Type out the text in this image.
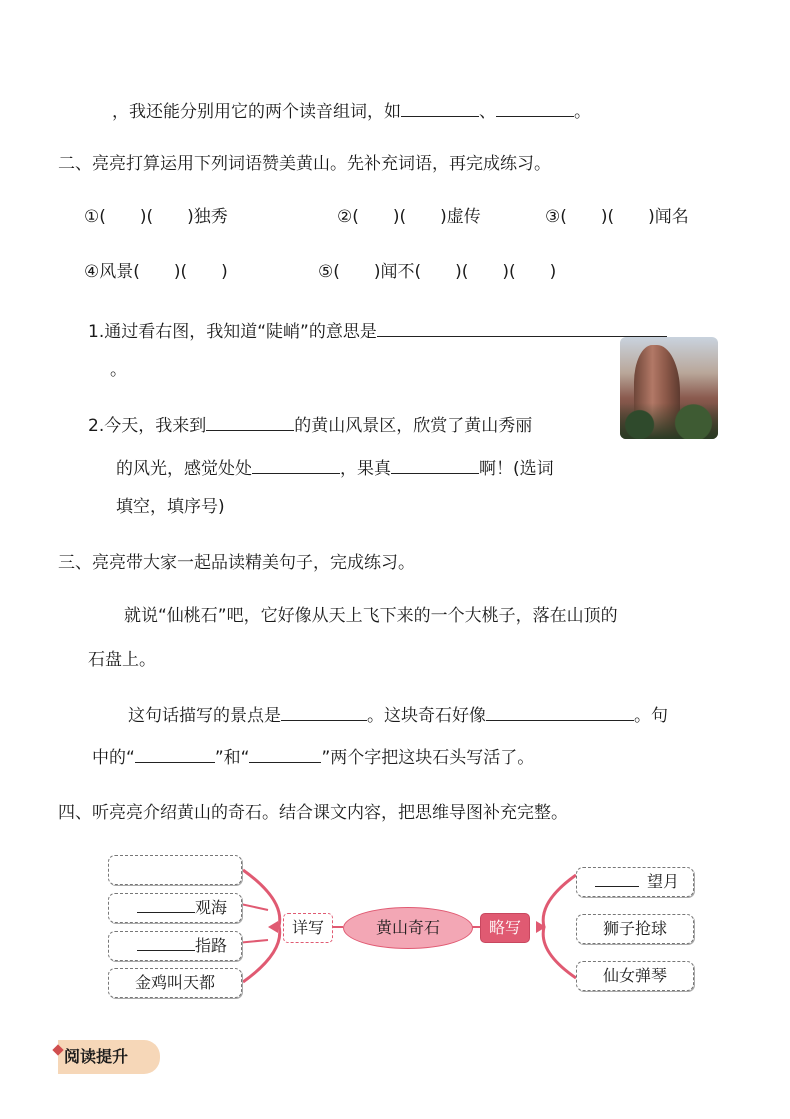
，我还能分别用它的两个读音组词，如	、	。
二、亮亮打算运用下列词语赞美黄山。先补充词语，再完成练习。
①(　　)(　　)独秀	②(　　)(　　)虚传	③(　　)(　　)闻名
④风景(　　)(　　)	⑤(　　)闻不(　　)(　　)(　　)
1.通过看右图，我知道“陡峭”的意思是
。
2.今天，我来到	的黄山风景区，欣赏了黄山秀丽
的风光，感觉处处	，果真	啊！(选词
填空，填序号)
三、亮亮带大家一起品读精美句子，完成练习。
就说“仙桃石”吧，它好像从天上飞下来的一个大桃子，落在山顶的
石盘上。
这句话描写的景点是	。这块奇石好像	。句
中的“	”和“	”两个字把这块石头写活了。
四、听亮亮介绍黄山的奇石。结合课文内容，把思维导图补充完整。
观海
指路
金鸡叫天都
详写	黄山奇石	略写
望月
狮子抢球
仙女弹琴
阅读提升
